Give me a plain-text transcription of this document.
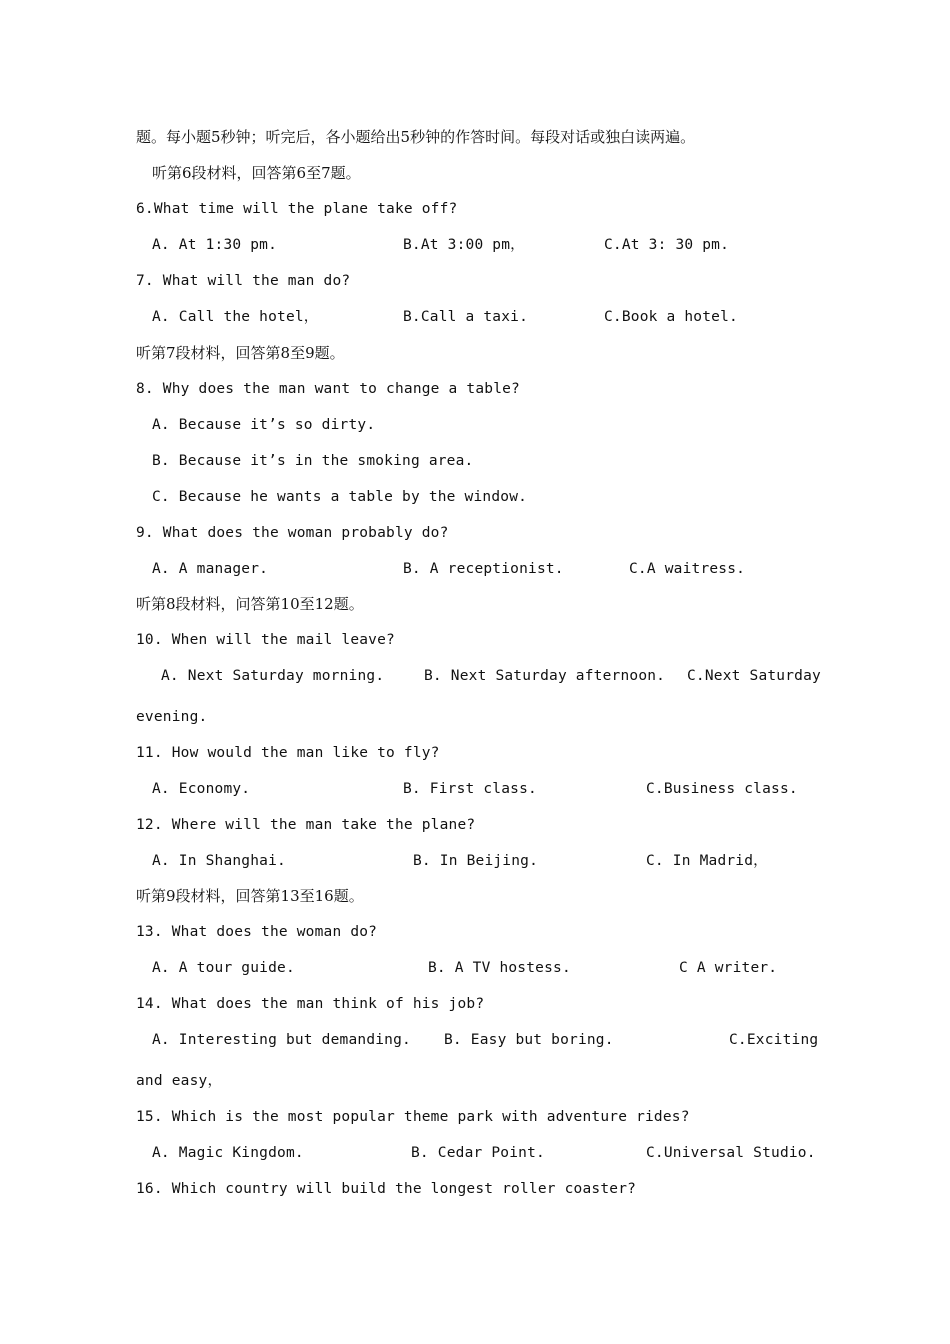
题。每小题5秒钟；听完后，各小题给出5秒钟的作答时间。每段对话或独白读两遍。
听第6段材料，回答第6至7题。
6.What time will the plane take off?
A. At 1:30 pm.	B.At 3:00 pm，	C.At 3: 30 pm.
7. What will the man do?
A. Call the hotel，	B.Call a taxi.	C.Book a hotel.
听第7段材料，回答第8至9题。
8. Why does the man want to change a table?
A. Because it’s so dirty.
B. Because it’s in the smoking area.
C. Because he wants a table by the window.
9. What does the woman probably do?
A. A manager.	B. A receptionist.	C.A waitress.
听第8段材料，问答第10至12题。
10. When will the mail leave?
A. Next Saturday morning.	B. Next Saturday afternoon. C.Next Saturday
evening.
11. How would the man like to fly?
A. Economy.	B. First class.	C.Business class.
12. Where will the man take the plane?
A. In Shanghai.	B. In Beijing.	C. In Madrid，
听第9段材料，回答第13至16题。
13. What does the woman do?
A. A tour guide.	B. A TV hostess.	C A writer.
14. What does the man think of his job?
A. Interesting but demanding. B. Easy but boring.	C.Exciting
and easy，
15. Which is the most popular theme park with adventure rides?
A. Magic Kingdom.	B. Cedar Point.	C.Universal Studio.
16. Which country will build the longest roller coaster?
